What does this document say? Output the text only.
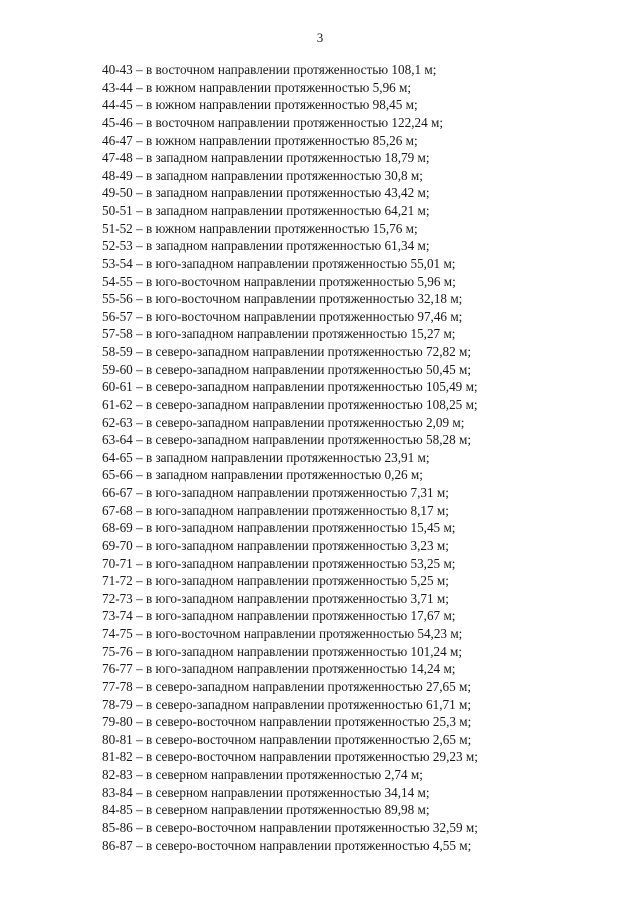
3
40-43 – в восточном направлении протяженностью 108,1 м;
43-44 – в южном направлении протяженностью 5,96 м;
44-45 – в южном направлении протяженностью 98,45 м;
45-46 – в восточном направлении протяженностью 122,24 м;
46-47 – в южном направлении протяженностью 85,26 м;
47-48 – в западном направлении протяженностью 18,79 м;
48-49 – в западном направлении протяженностью 30,8 м;
49-50 – в западном направлении протяженностью 43,42 м;
50-51 – в западном направлении протяженностью 64,21 м;
51-52 – в южном направлении протяженностью 15,76 м;
52-53 – в западном направлении протяженностью 61,34 м;
53-54 – в юго-западном направлении протяженностью 55,01 м;
54-55 – в юго-восточном направлении протяженностью 5,96 м;
55-56 – в юго-восточном направлении протяженностью 32,18 м;
56-57 – в юго-восточном направлении протяженностью 97,46 м;
57-58 – в юго-западном направлении протяженностью 15,27 м;
58-59 – в северо-западном направлении протяженностью 72,82 м;
59-60 – в северо-западном направлении протяженностью 50,45 м;
60-61 – в северо-западном направлении протяженностью 105,49 м;
61-62 – в северо-западном направлении протяженностью 108,25 м;
62-63 – в северо-западном направлении протяженностью 2,09 м;
63-64 – в северо-западном направлении протяженностью 58,28 м;
64-65 – в западном направлении протяженностью 23,91 м;
65-66 – в западном направлении протяженностью 0,26 м;
66-67 – в юго-западном направлении протяженностью 7,31 м;
67-68 – в юго-западном направлении протяженностью 8,17 м;
68-69 – в юго-западном направлении протяженностью 15,45 м;
69-70 – в юго-западном направлении протяженностью 3,23 м;
70-71 – в юго-западном направлении протяженностью 53,25 м;
71-72 – в юго-западном направлении протяженностью 5,25 м;
72-73 – в юго-западном направлении протяженностью 3,71 м;
73-74 – в юго-западном направлении протяженностью 17,67 м;
74-75 – в юго-восточном направлении протяженностью 54,23 м;
75-76 – в юго-западном направлении протяженностью 101,24 м;
76-77 – в юго-западном направлении протяженностью 14,24 м;
77-78 – в северо-западном направлении протяженностью 27,65 м;
78-79 – в северо-западном направлении протяженностью 61,71 м;
79-80 – в северо-восточном направлении протяженностью 25,3 м;
80-81 – в северо-восточном направлении протяженностью 2,65 м;
81-82 – в северо-восточном направлении протяженностью 29,23 м;
82-83 – в северном направлении протяженностью 2,74 м;
83-84 – в северном направлении протяженностью 34,14 м;
84-85 – в северном направлении протяженностью 89,98 м;
85-86 – в северо-восточном направлении протяженностью 32,59 м;
86-87 – в северо-восточном направлении протяженностью 4,55 м;
